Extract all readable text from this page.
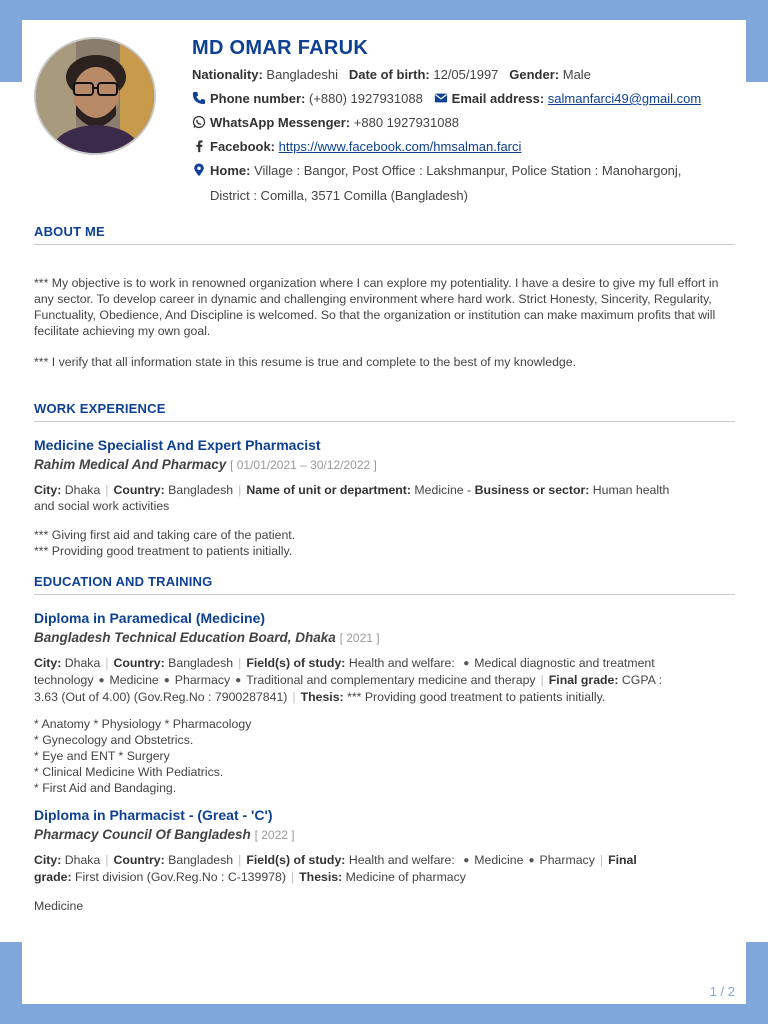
MD OMAR FARUK
Nationality: Bangladeshi Date of birth: 12/05/1997 Gender: Male
Phone number: (+880) 1927931088 Email address: salmanfarci49@gmail.com
WhatsApp Messenger: +880 1927931088
Facebook: https://www.facebook.com/hmsalman.farci
Home: Village : Bangor, Post Office : Lakshmanpur, Police Station : Manohargonj,
District : Comilla, 3571 Comilla (Bangladesh)
ABOUT ME
*** My objective is to work in renowned organization where I can explore my potentiality. I have a desire to give my full effort in any sector. To develop career in dynamic and challenging environment where hard work. Strict Honesty, Sincerity, Regularity, Functuality, Obedience, And Discipline is welcomed. So that the organization or institution can make maximum profits that will fecilitate achieving my own goal.
*** I verify that all information state in this resume is true and complete to the best of my knowledge.
WORK EXPERIENCE
Medicine Specialist And Expert Pharmacist
Rahim Medical And Pharmacy [ 01/01/2021 – 30/12/2022 ]
City: Dhaka | Country: Bangladesh | Name of unit or department: Medicine - Business or sector: Human health
and social work activities
*** Giving first aid and taking care of the patient.
*** Providing good treatment to patients initially.
EDUCATION AND TRAINING
Diploma in Paramedical (Medicine)
Bangladesh Technical Education Board, Dhaka [ 2021 ]
City: Dhaka | Country: Bangladesh | Field(s) of study: Health and welfare: ● Medical diagnostic and treatment
technology ● Medicine ● Pharmacy ● Traditional and complementary medicine and therapy | Final grade: CGPA :
3.63 (Out of 4.00) (Gov.Reg.No : 7900287841) | Thesis: *** Providing good treatment to patients initially.
* Anatomy * Physiology * Pharmacology
* Gynecology and Obstetrics.
* Eye and ENT * Surgery
* Clinical Medicine With Pediatrics.
* First Aid and Bandaging.
Diploma in Pharmacist - (Great - 'C')
Pharmacy Council Of Bangladesh [ 2022 ]
City: Dhaka | Country: Bangladesh | Field(s) of study: Health and welfare: ● Medicine ● Pharmacy | Final
grade: First division (Gov.Reg.No : C-139978) | Thesis: Medicine of pharmacy
Medicine
1 / 2
